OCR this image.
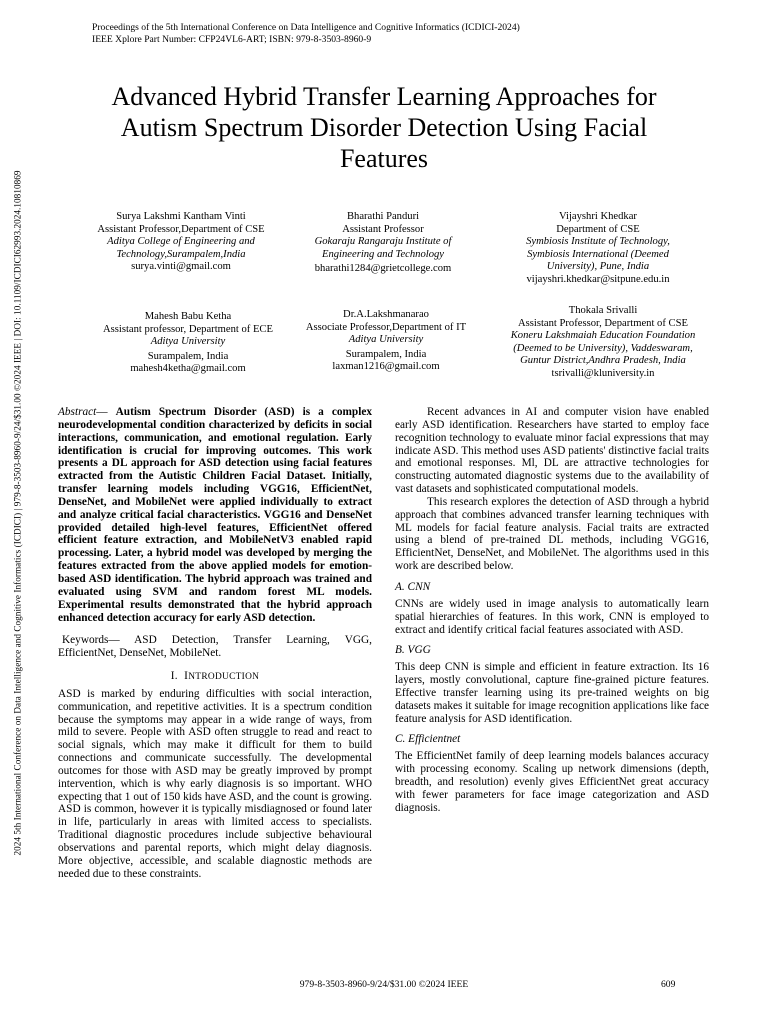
Proceedings of the 5th International Conference on Data Intelligence and Cognitive Informatics (ICDICI-2024)
IEEE Xplore Part Number: CFP24VL6-ART; ISBN: 979-8-3503-8960-9
2024 5th International Conference on Data Intelligence and Cognitive Informatics (ICDICI) | 979-8-3503-8960-9/24/$31.00 ©2024 IEEE | DOI: 10.1109/ICDICI62993.2024.10810869
Advanced Hybrid Transfer Learning Approaches for
Autism Spectrum Disorder Detection Using Facial
Features
Surya Lakshmi Kantham Vinti
Assistant Professor,Department of CSE
Aditya College of Engineering and
Technology,Surampalem,India
surya.vinti@gmail.com
Bharathi Panduri
Assistant Professor
Gokaraju Rangaraju Institute of
Engineering and Technology
bharathi1284@grietcollege.com
Vijayshri Khedkar
Department of CSE
Symbiosis Institute of Technology,
Symbiosis International (Deemed
University), Pune, India
vijayshri.khedkar@sitpune.edu.in
Mahesh Babu Ketha
Assistant professor, Department of ECE
Aditya University
Surampalem, India
mahesh4ketha@gmail.com
Dr.A.Lakshmanarao
Associate Professor,Department of IT
Aditya University
Surampalem, India
laxman1216@gmail.com
Thokala Srivalli
Assistant Professor, Department of CSE
Koneru Lakshmaiah Education Foundation
(Deemed to be University), Vaddeswaram,
Guntur District,Andhra Pradesh, India
tsrivalli@kluniversity.in

Abstract— Autism Spectrum Disorder (ASD) is a complex neurodevelopmental condition characterized by deficits in social interactions, communication, and emotional regulation. Early identification is crucial for improving outcomes. This work presents a DL approach for ASD detection using facial features extracted from the Autistic Children Facial Dataset. Initially, transfer learning models including VGG16, EfficientNet, DenseNet, and MobileNet were applied individually to extract and analyze critical facial characteristics. VGG16 and DenseNet provided detailed high-level features, EfficientNet offered efficient feature extraction, and MobileNetV3 enabled rapid processing. Later, a hybrid model was developed by merging the features extracted from the above applied models for emotion-based ASD identification. The hybrid approach was trained and evaluated using SVM and random forest ML models. Experimental results demonstrated that the hybrid approach enhanced detection accuracy for early ASD detection.

Keywords— ASD Detection, Transfer Learning, VGG, EfficientNet, DenseNet, MobileNet.

I. INTRODUCTION

ASD is marked by enduring difficulties with social interaction, communication, and repetitive activities. It is a spectrum condition because the symptoms may appear in a wide range of ways, from mild to severe. People with ASD often struggle to read and react to social signals, which may make it difficult for them to build connections and communicate successfully. The developmental outcomes for those with ASD may be greatly improved by prompt intervention, which is why early diagnosis is so important. WHO expecting that 1 out of 150 kids have ASD, and the count is growing. ASD is common, however it is typically misdiagnosed or found later in life, particularly in areas with limited access to specialists. Traditional diagnostic procedures include subjective behavioural observations and parental reports, which might delay diagnosis. More objective, accessible, and scalable diagnostic methods are needed due to these constraints.

Recent advances in AI and computer vision have enabled early ASD identification. Researchers have started to employ face recognition technology to evaluate minor facial expressions that may indicate ASD. This method uses ASD patients' distinctive facial traits and emotional responses. Ml, DL are attractive technologies for constructing automated diagnostic systems due to the availability of vast datasets and sophisticated computational models.

This research explores the detection of ASD through a hybrid approach that combines advanced transfer learning techniques with ML models for facial feature analysis. Facial traits are extracted using a blend of pre-trained DL methods, including VGG16, EfficientNet, DenseNet, and MobileNet. The algorithms used in this work are described below.

A. CNN

CNNs are widely used in image analysis to automatically learn spatial hierarchies of features. In this work, CNN is employed to extract and identify critical facial features associated with ASD.

B. VGG

This deep CNN is simple and efficient in feature extraction. Its 16 layers, mostly convolutional, capture fine-grained picture features. Effective transfer learning using its pre-trained weights on big datasets makes it suitable for image recognition applications like face feature analysis for ASD identification.

C. Efficientnet

The EfficientNet family of deep learning models balances accuracy with processing economy. Scaling up network dimensions (depth, breadth, and resolution) evenly gives EfficientNet great accuracy with fewer parameters for face image categorization and ASD diagnosis.

979-8-3503-8960-9/24/$31.00 ©2024 IEEE	609
